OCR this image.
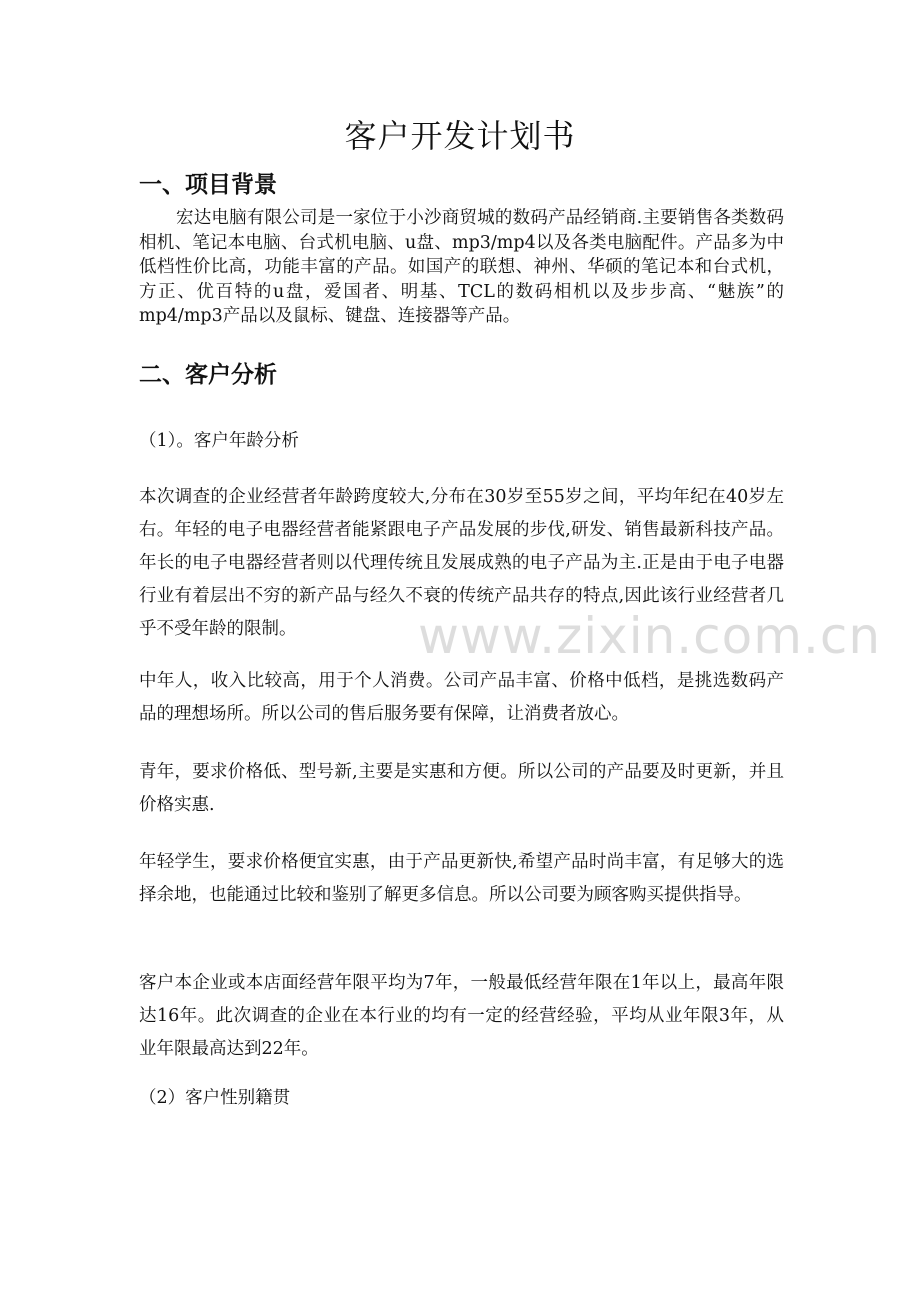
客户开发计划书
一、项目背景

宏达电脑有限公司是一家位于小沙商贸城的数码产品经销商.主要销售各类数码相机、笔记本电脑、台式机电脑、u盘、mp3/mp4以及各类电脑配件。产品多为中低档性价比高，功能丰富的产品。如国产的联想、神州、华硕的笔记本和台式机，方正、优百特的u盘，爱国者、明基、TCL的数码相机以及步步高、“魅族”的mp4/mp3产品以及鼠标、键盘、连接器等产品。

二、客户分析
（1）。客户年龄分析

本次调查的企业经营者年龄跨度较大,分布在30岁至55岁之间，平均年纪在40岁左右。年轻的电子电器经营者能紧跟电子产品发展的步伐,研发、销售最新科技产品。年长的电子电器经营者则以代理传统且发展成熟的电子产品为主.正是由于电子电器行业有着层出不穷的新产品与经久不衰的传统产品共存的特点,因此该行业经营者几乎不受年龄的限制。

中年人，收入比较高，用于个人消费。公司产品丰富、价格中低档，是挑选数码产品的理想场所。所以公司的售后服务要有保障，让消费者放心。

青年，要求价格低、型号新,主要是实惠和方便。所以公司的产品要及时更新，并且价格实惠.

年轻学生，要求价格便宜实惠，由于产品更新快,希望产品时尚丰富，有足够大的选择余地，也能通过比较和鉴别了解更多信息。所以公司要为顾客购买提供指导。

客户本企业或本店面经营年限平均为7年，一般最低经营年限在1年以上，最高年限达16年。此次调查的企业在本行业的均有一定的经营经验，平均从业年限3年，从业年限最高达到22年。

（2）客户性别籍贯
www.zixin.com.cn
